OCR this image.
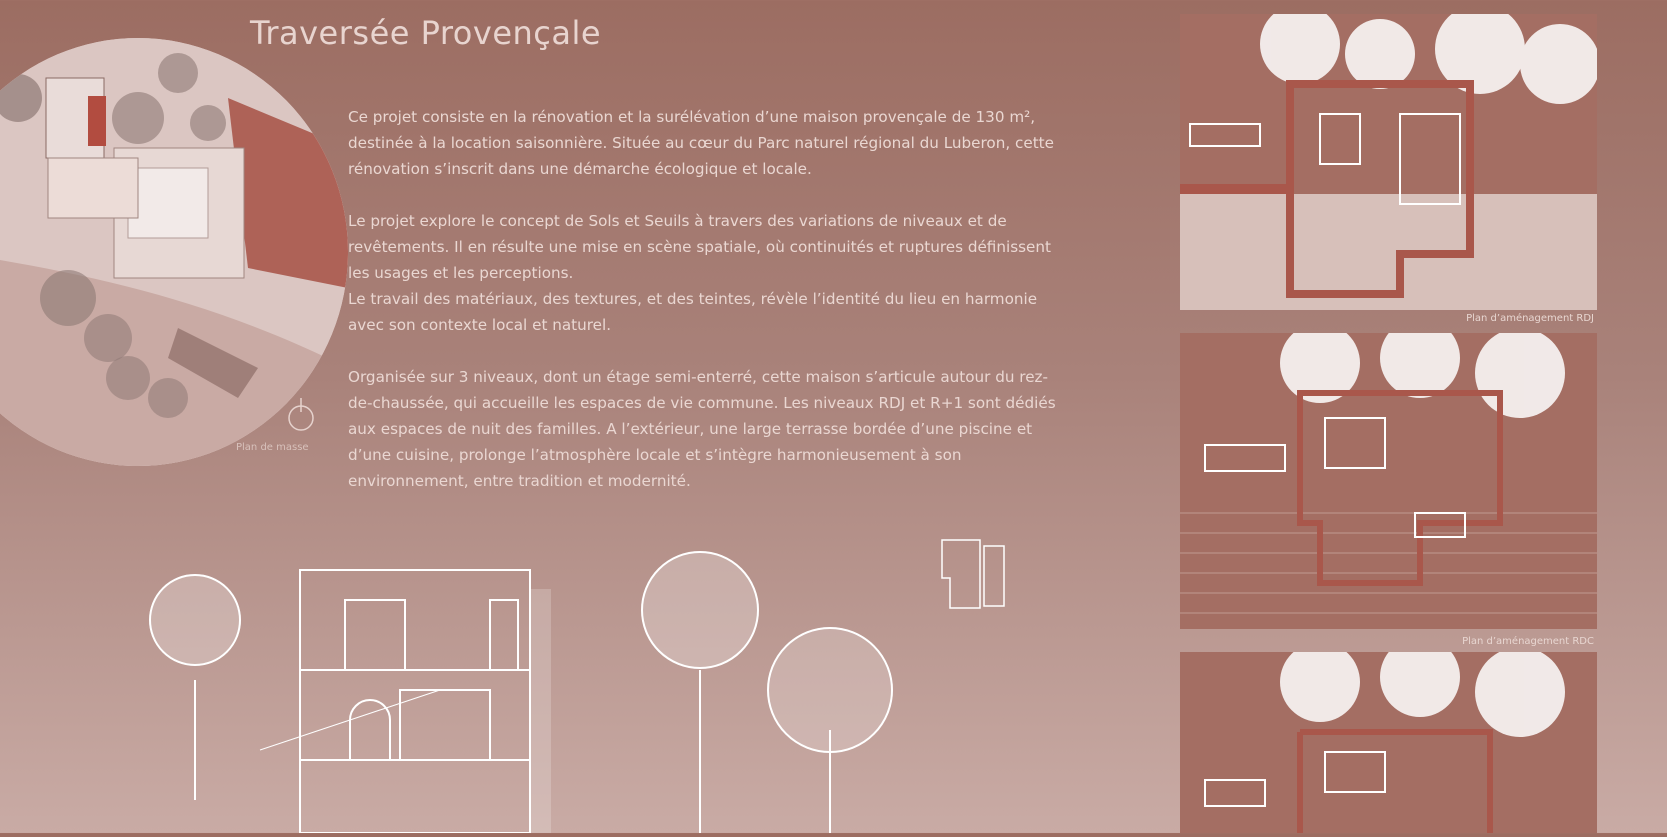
Traversée Provençale
Plan de masse

Ce projet consiste en la rénovation et la surélévation d’une maison provençale de 130 m², destinée à la location saisonnière. Située au cœur du Parc naturel régional du Luberon, cette rénovation s’inscrit dans une démarche écologique et locale.

Le projet explore le concept de Sols et Seuils à travers des variations de niveaux et de revêtements. Il en résulte une mise en scène spatiale, où continuités et ruptures définissent les usages et les perceptions.

Le travail des matériaux, des textures, et des teintes, révèle l’identité du lieu en harmonie avec son contexte local et naturel.

Organisée sur 3 niveaux, dont un étage semi-enterré, cette maison s’articule autour du rez-de-chaussée, qui accueille les espaces de vie commune. Les niveaux RDJ et R+1 sont dédiés aux espaces de nuit des familles. A l’extérieur, une large terrasse bordée d’une piscine et d’une cuisine, prolonge l’atmosphère locale et s’intègre harmonieusement à son environnement, entre tradition et modernité.

Plan d’aménagement RDJ
Plan d’aménagement RDC
